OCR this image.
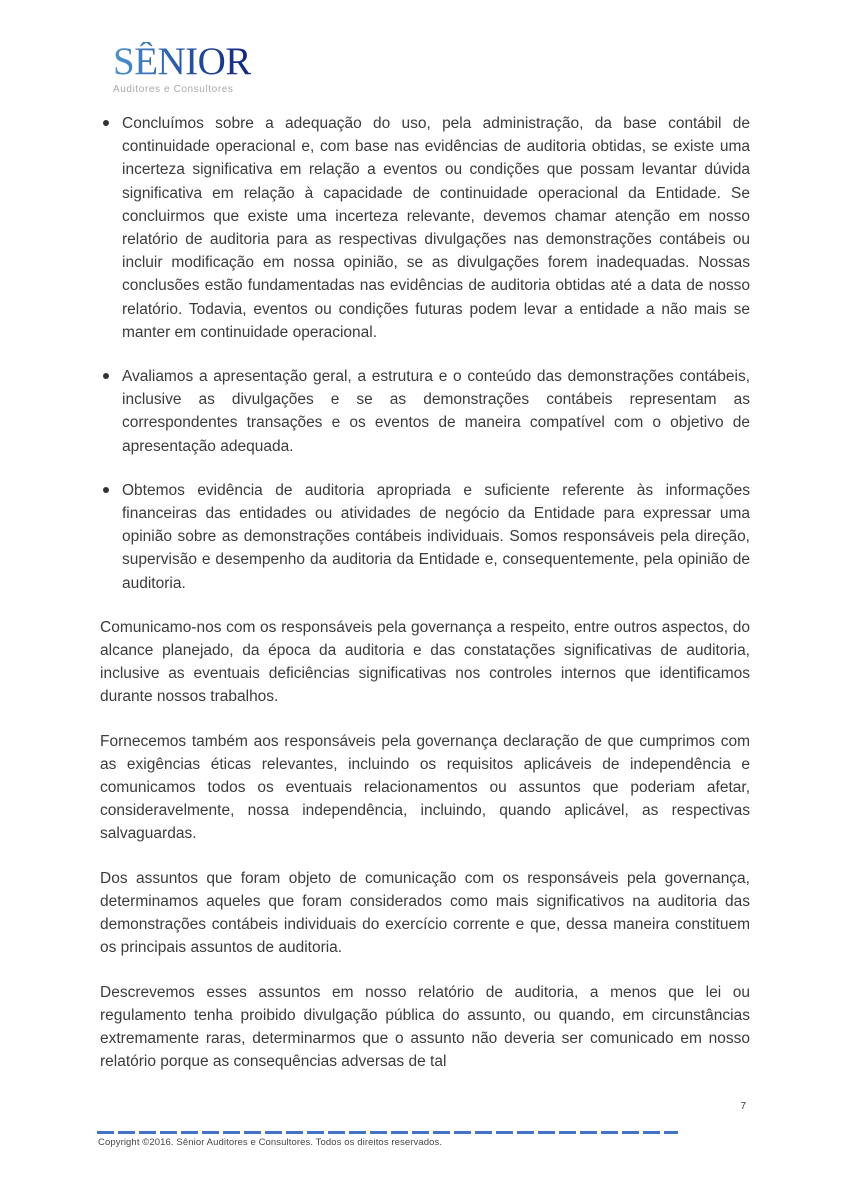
SÊNIOR
Auditores e Consultores
Concluímos sobre a adequação do uso, pela administração, da base contábil de continuidade operacional e, com base nas evidências de auditoria obtidas, se existe uma incerteza significativa em relação a eventos ou condições que possam levantar dúvida significativa em relação à capacidade de continuidade operacional da Entidade. Se concluirmos que existe uma incerteza relevante, devemos chamar atenção em nosso relatório de auditoria para as respectivas divulgações nas demonstrações contábeis ou incluir modificação em nossa opinião, se as divulgações forem inadequadas. Nossas conclusões estão fundamentadas nas evidências de auditoria obtidas até a data de nosso relatório. Todavia, eventos ou condições futuras podem levar a entidade a não mais se manter em continuidade operacional.
Avaliamos a apresentação geral, a estrutura e o conteúdo das demonstrações contábeis, inclusive as divulgações e se as demonstrações contábeis representam as correspondentes transações e os eventos de maneira compatível com o objetivo de apresentação adequada.
Obtemos evidência de auditoria apropriada e suficiente referente às informações financeiras das entidades ou atividades de negócio da Entidade para expressar uma opinião sobre as demonstrações contábeis individuais. Somos responsáveis pela direção, supervisão e desempenho da auditoria da Entidade e, consequentemente, pela opinião de auditoria.

Comunicamo-nos com os responsáveis pela governança a respeito, entre outros aspectos, do alcance planejado, da época da auditoria e das constatações significativas de auditoria, inclusive as eventuais deficiências significativas nos controles internos que identificamos durante nossos trabalhos.

Fornecemos também aos responsáveis pela governança declaração de que cumprimos com as exigências éticas relevantes, incluindo os requisitos aplicáveis de independência e comunicamos todos os eventuais relacionamentos ou assuntos que poderiam afetar, consideravelmente, nossa independência, incluindo, quando aplicável, as respectivas salvaguardas.

Dos assuntos que foram objeto de comunicação com os responsáveis pela governança, determinamos aqueles que foram considerados como mais significativos na auditoria das demonstrações contábeis individuais do exercício corrente e que, dessa maneira constituem os principais assuntos de auditoria.

Descrevemos esses assuntos em nosso relatório de auditoria, a menos que lei ou regulamento tenha proibido divulgação pública do assunto, ou quando, em circunstâncias extremamente raras, determinarmos que o assunto não deveria ser comunicado em nosso relatório porque as consequências adversas de tal

7
Copyright ©2016. Sênior Auditores e Consultores. Todos os direitos reservados.
